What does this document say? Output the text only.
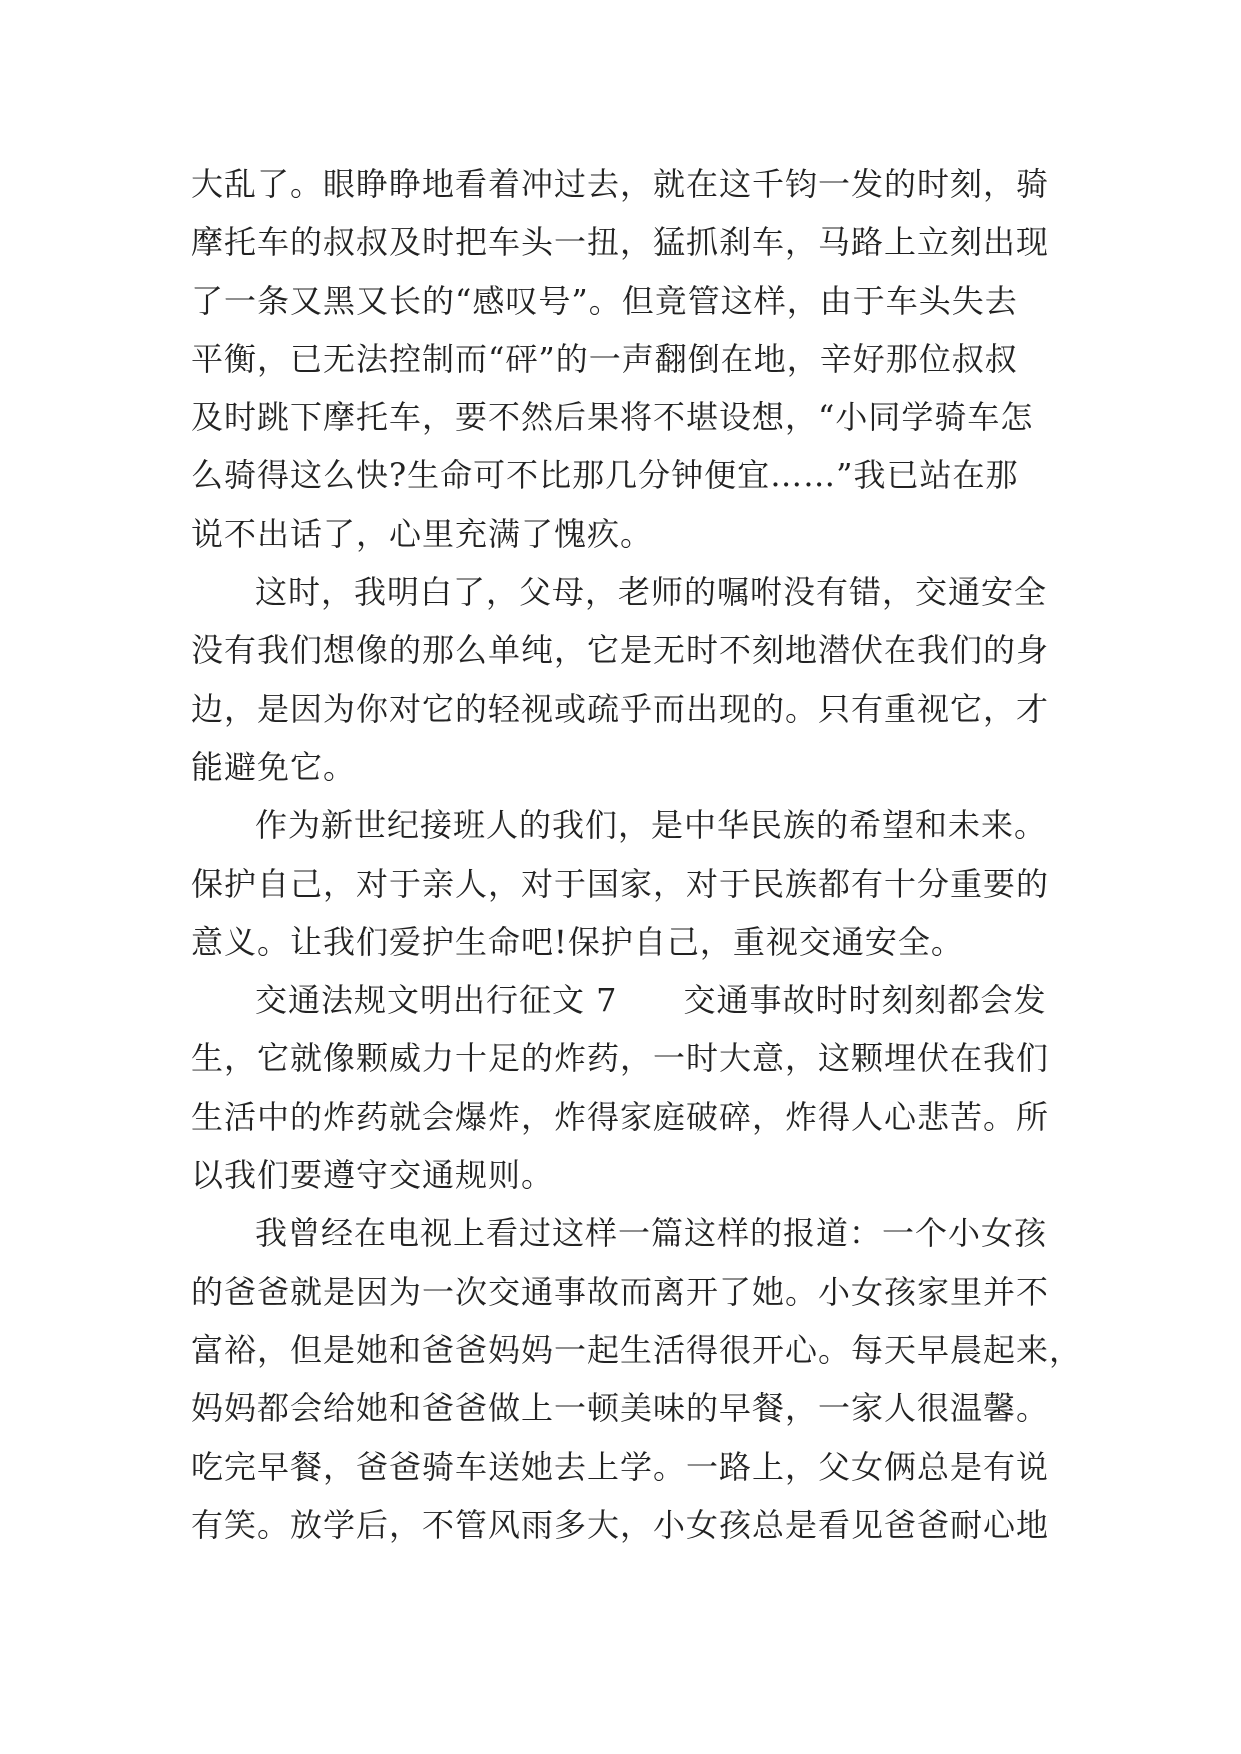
大乱了。眼睁睁地看着冲过去，就在这千钧一发的时刻，骑
摩托车的叔叔及时把车头一扭，猛抓刹车，马路上立刻出现
了一条又黑又长的“感叹号”。但竟管这样，由于车头失去
平衡，已无法控制而“砰”的一声翻倒在地，辛好那位叔叔
及时跳下摩托车，要不然后果将不堪设想，“小同学骑车怎
么骑得这么快?生命可不比那几分钟便宜……”我已站在那
说不出话了，心里充满了愧疚。
这时，我明白了，父母，老师的嘱咐没有错，交通安全
没有我们想像的那么单纯，它是无时不刻地潜伏在我们的身
边，是因为你对它的轻视或疏乎而出现的。只有重视它，才
能避免它。
作为新世纪接班人的我们，是中华民族的希望和未来。
保护自己，对于亲人，对于国家，对于民族都有十分重要的
意义。让我们爱护生命吧!保护自己，重视交通安全。
交通法规文明出行征文 7　　交通事故时时刻刻都会发
生，它就像颗威力十足的炸药，一时大意，这颗埋伏在我们
生活中的炸药就会爆炸，炸得家庭破碎，炸得人心悲苦。所
以我们要遵守交通规则。
我曾经在电视上看过这样一篇这样的报道：一个小女孩
的爸爸就是因为一次交通事故而离开了她。小女孩家里并不
富裕，但是她和爸爸妈妈一起生活得很开心。每天早晨起来，
妈妈都会给她和爸爸做上一顿美味的早餐，一家人很温馨。
吃完早餐，爸爸骑车送她去上学。一路上，父女俩总是有说
有笑。放学后，不管风雨多大，小女孩总是看见爸爸耐心地
